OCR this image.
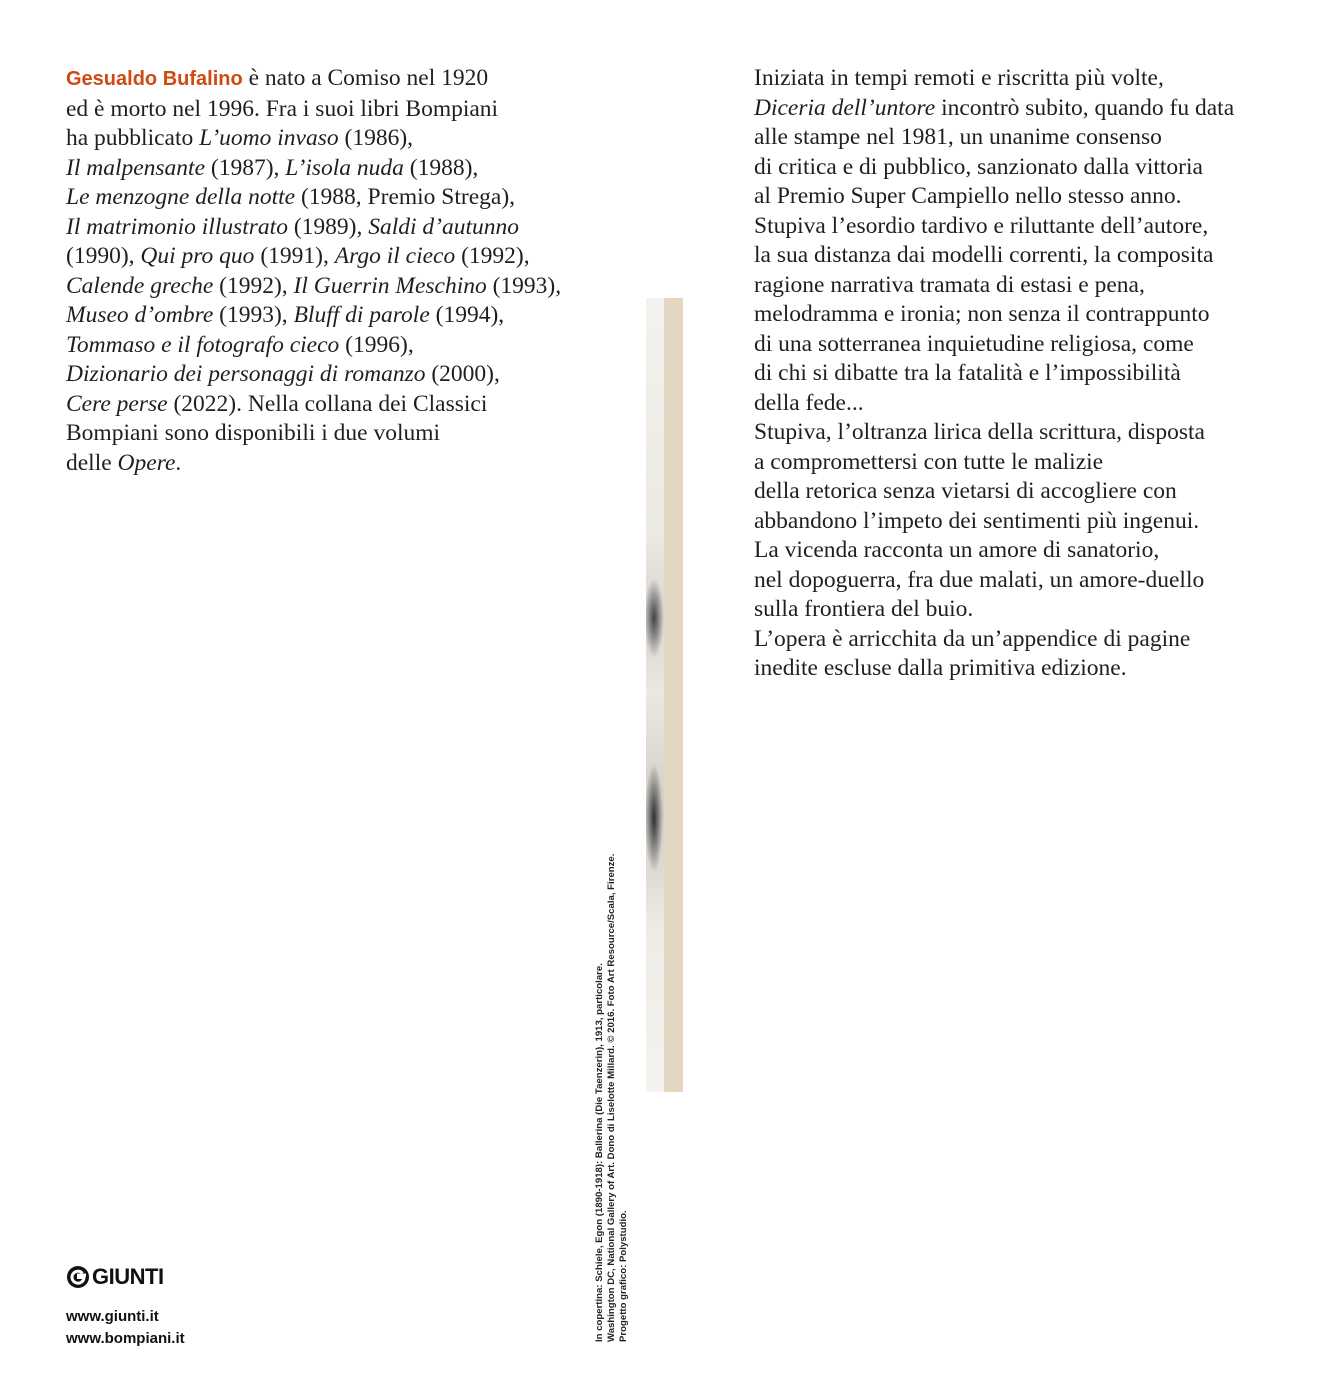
Gesualdo Bufalino è nato a Comiso nel 1920
ed è morto nel 1996. Fra i suoi libri Bompiani
ha pubblicato L’uomo invaso (1986),
Il malpensante (1987), L’isola nuda (1988),
Le menzogne della notte (1988, Premio Strega),
Il matrimonio illustrato (1989), Saldi d’autunno
(1990), Qui pro quo (1991), Argo il cieco (1992),
Calende greche (1992), Il Guerrin Meschino (1993),
Museo d’ombre (1993), Bluff di parole (1994),
Tommaso e il fotografo cieco (1996),
Dizionario dei personaggi di romanzo (2000),
Cere perse (2022). Nella collana dei Classici
Bompiani sono disponibili i due volumi
delle Opere.
In copertina: Schiele, Egon (1890-1918): Ballerina (Die Taenzerin), 1913, particolare. Washington DC, National Gallery of Art. Dono di Liselotte Millard. © 2016. Foto Art Resource/Scala, Firenze. Progetto grafico: Polystudio.
Iniziata in tempi remoti e riscritta più volte,
Diceria dell’untore incontrò subito, quando fu data
alle stampe nel 1981, un unanime consenso
di critica e di pubblico, sanzionato dalla vittoria
al Premio Super Campiello nello stesso anno.
Stupiva l’esordio tardivo e riluttante dell’autore,
la sua distanza dai modelli correnti, la composita
ragione narrativa tramata di estasi e pena,
melodramma e ironia; non senza il contrappunto
di una sotterranea inquietudine religiosa, come
di chi si dibatte tra la fatalità e l’impossibilità
della fede...
Stupiva, l’oltranza lirica della scrittura, disposta
a compromettersi con tutte le malizie
della retorica senza vietarsi di accogliere con
abbandono l’impeto dei sentimenti più ingenui.
La vicenda racconta un amore di sanatorio,
nel dopoguerra, fra due malati, un amore-duello
sulla frontiera del buio.
L’opera è arricchita da un’appendice di pagine
inedite escluse dalla primitiva edizione.
GIUNTI
www.giunti.it
www.bompiani.it
